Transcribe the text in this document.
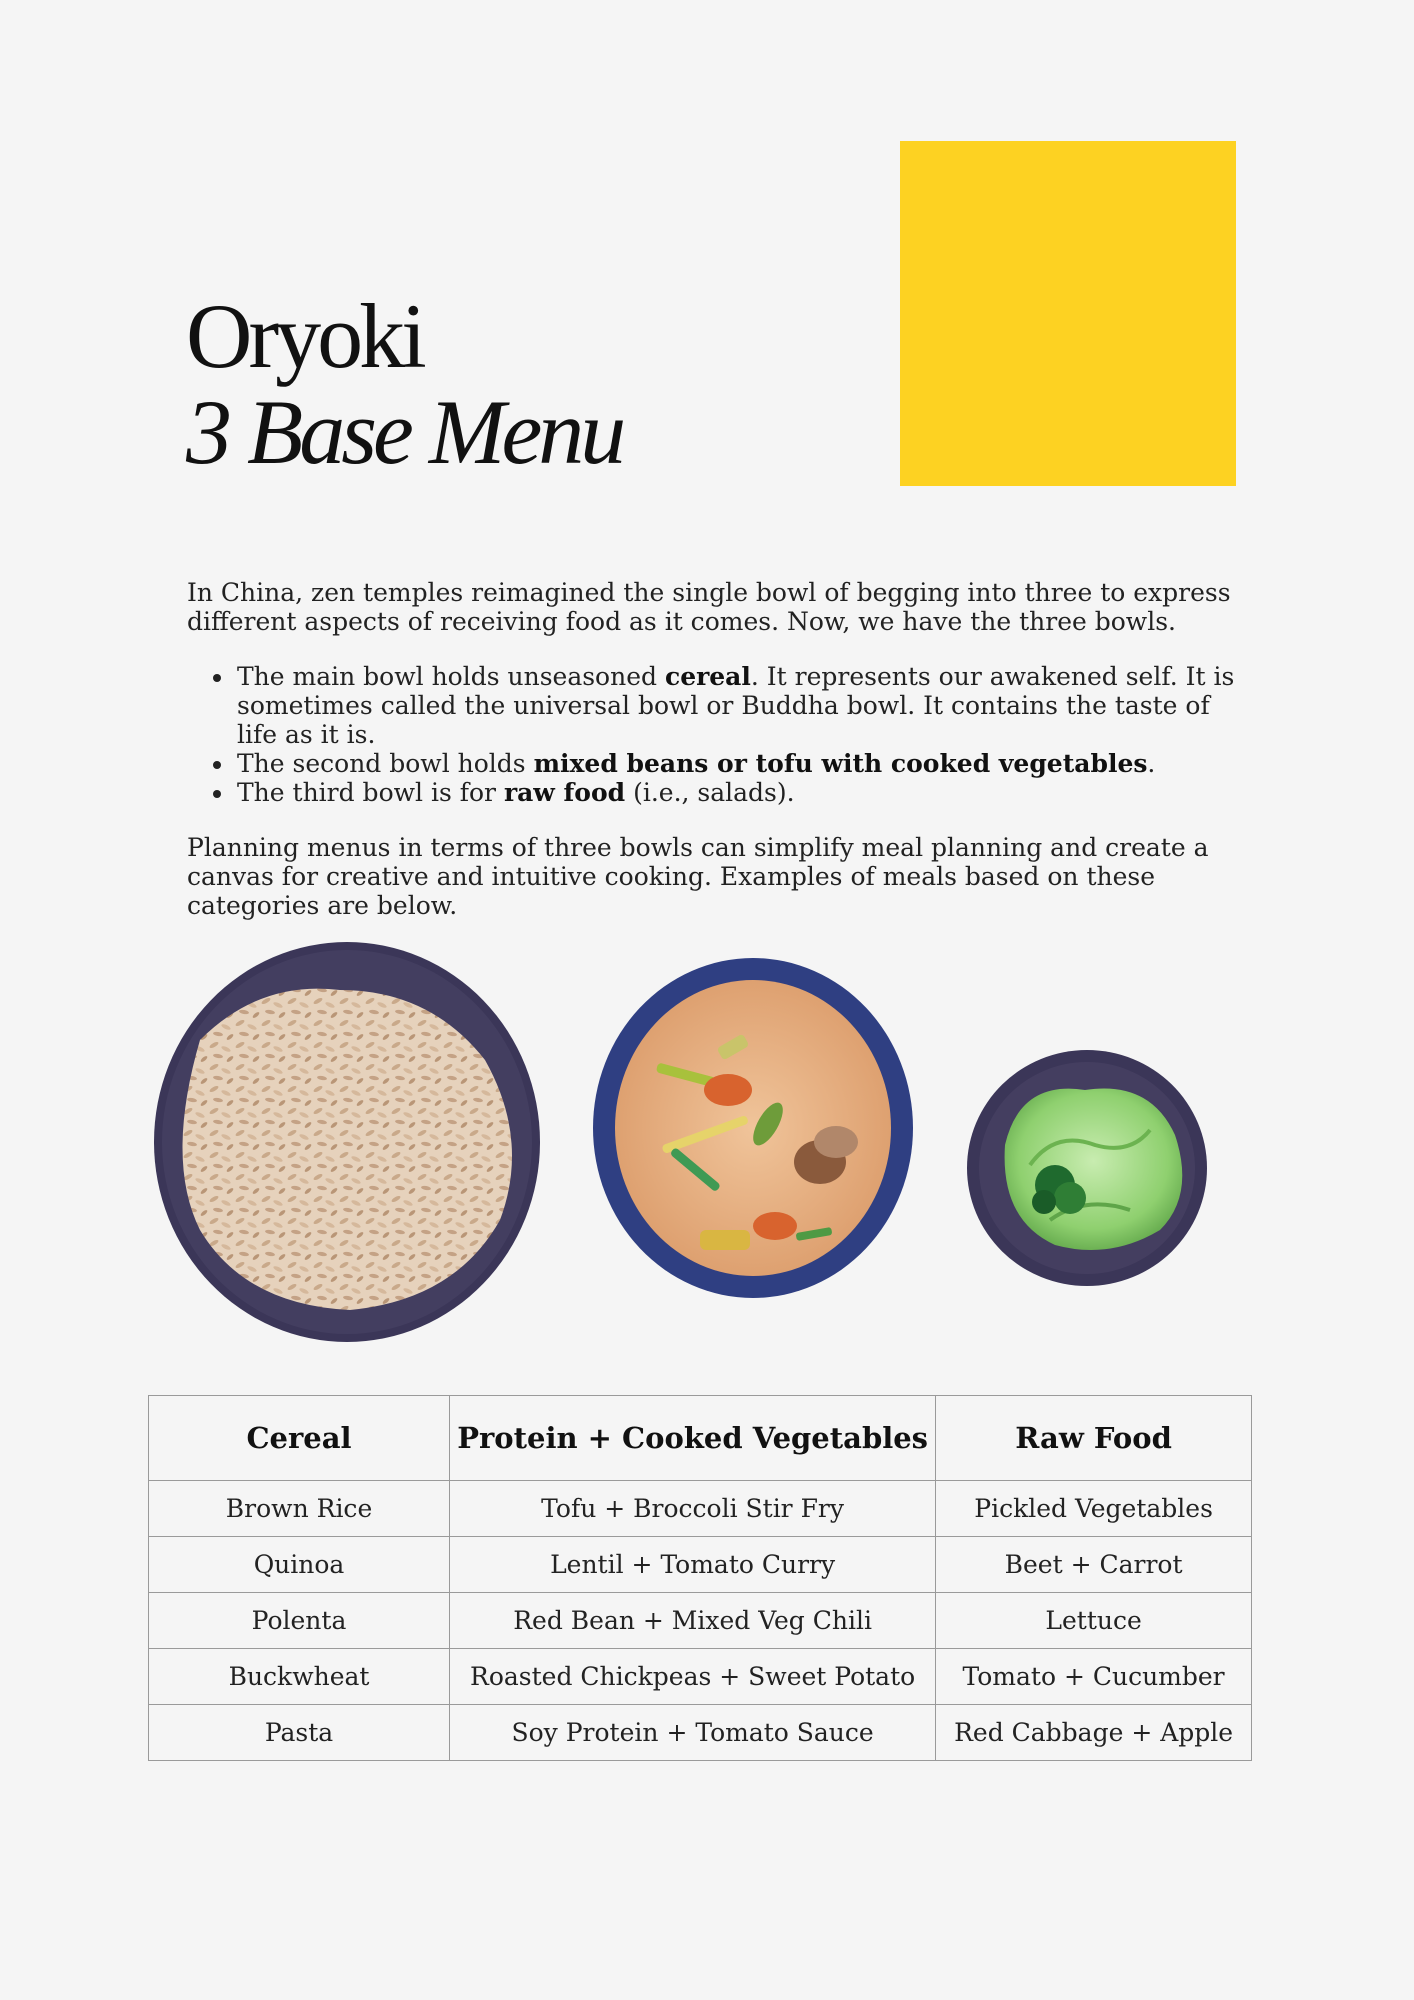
Oryoki
3 Base Menu

In China, zen temples reimagined the single bowl of begging into three to express different aspects of receiving food as it comes. Now, we have the three bowls.

• The main bowl holds unseasoned cereal. It represents our awakened self. It is sometimes called the universal bowl or Buddha bowl. It contains the taste of life as it is.
• The second bowl holds mixed beans or tofu with cooked vegetables.
• The third bowl is for raw food (i.e., salads).

Planning menus in terms of three bowls can simplify meal planning and create a canvas for creative and intuitive cooking. Examples of meals based on these categories are below.

Cereal	Protein + Cooked Vegetables	Raw Food
Brown Rice	Tofu + Broccoli Stir Fry	Pickled Vegetables
Quinoa	Lentil + Tomato Curry	Beet + Carrot
Polenta	Red Bean + Mixed Veg Chili	Lettuce
Buckwheat	Roasted Chickpeas + Sweet Potato	Tomato + Cucumber
Pasta	Soy Protein + Tomato Sauce	Red Cabbage + Apple
